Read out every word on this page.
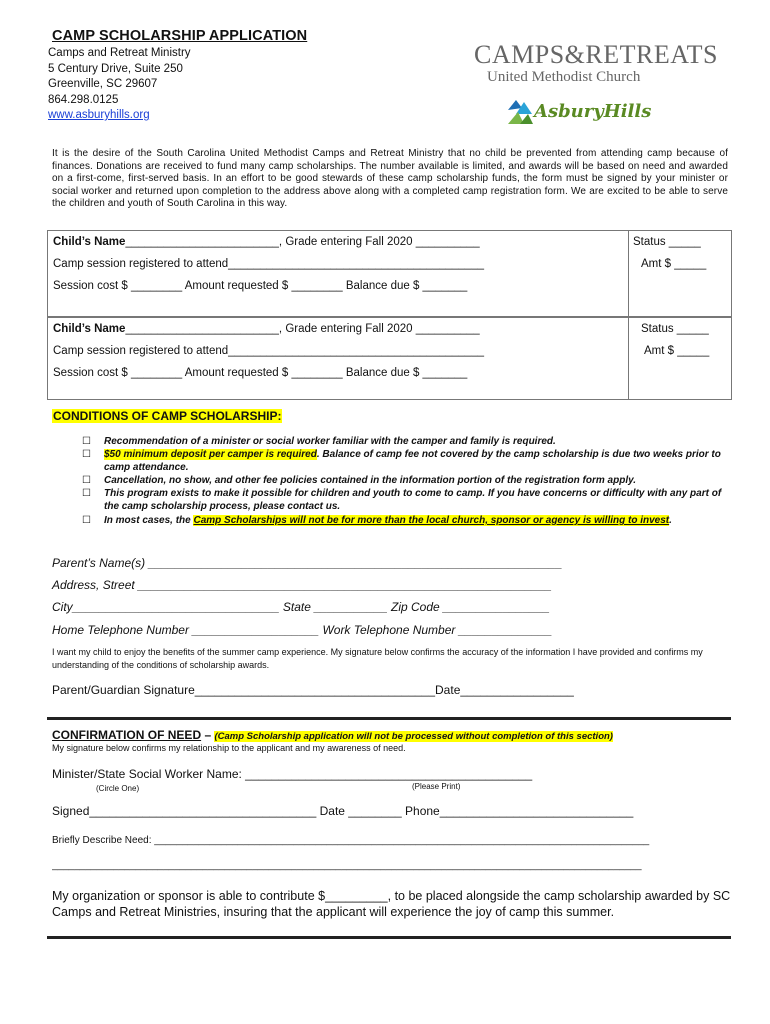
CAMP SCHOLARSHIP APPLICATION
Camps and Retreat Ministry
5 Century Drive, Suite 250
Greenville, SC 29607
864.298.0125
www.asburyhills.org
CAMPS&RETREATS
United Methodist Church
AsburyHills
It is the desire of the South Carolina United Methodist Camps and Retreat Ministry that no child be prevented from attending camp because of finances. Donations are received to fund many camp scholarships. The number available is limited, and awards will be based on need and awarded on a first-come, first-served basis. In an effort to be good stewards of these camp scholarship funds, the form must be signed by your minister or social worker and returned upon completion to the address above along with a completed camp registration form. We are excited to be able to serve the children and youth of South Carolina in this way.
Child’s Name________________________, Grade entering Fall 2020 __________
Camp session registered to attend________________________________________
Session cost $ ________ Amount requested $ ________ Balance due $ _______
Status _____
Amt $ _____
Child’s Name________________________, Grade entering Fall 2020 __________
Camp session registered to attend________________________________________
Session cost $ ________ Amount requested $ ________ Balance due $ _______
Status _____
Amt $ _____
CONDITIONS OF CAMP SCHOLARSHIP:
☐ Recommendation of a minister or social worker familiar with the camper and family is required.
☐ $50 minimum deposit per camper is required. Balance of camp fee not covered by the camp scholarship is due two weeks prior to camp attendance.
☐ Cancellation, no show, and other fee policies contained in the information portion of the registration form apply.
☐ This program exists to make it possible for children and youth to come to camp. If you have concerns or difficulty with any part of the camp scholarship process, please contact us.
☐ In most cases, the Camp Scholarships will not be for more than the local church, sponsor or agency is willing to invest.
Parent’s Name(s) ______________________________________________________________
Address, Street ______________________________________________________________
City_______________________________ State ___________ Zip Code ________________
Home Telephone Number ___________________ Work Telephone Number ______________
I want my child to enjoy the benefits of the summer camp experience. My signature below confirms the accuracy of the information I have provided and confirms my understanding of the conditions of scholarship awards.
Parent/Guardian Signature____________________________________Date_________________
CONFIRMATION OF NEED – (Camp Scholarship application will not be processed without completion of this section)
My signature below confirms my relationship to the applicant and my awareness of need.
Minister/State Social Worker Name: ___________________________________________
(Circle One)	(Please Print)
Signed__________________________________ Date ________ Phone_____________________________
Briefly Describe Need: _________________________________________________________________________________________
__________________________________________________________________________________________________________
My organization or sponsor is able to contribute $_________, to be placed alongside the camp scholarship awarded by SC Camps and Retreat Ministries, insuring that the applicant will experience the joy of camp this summer.
